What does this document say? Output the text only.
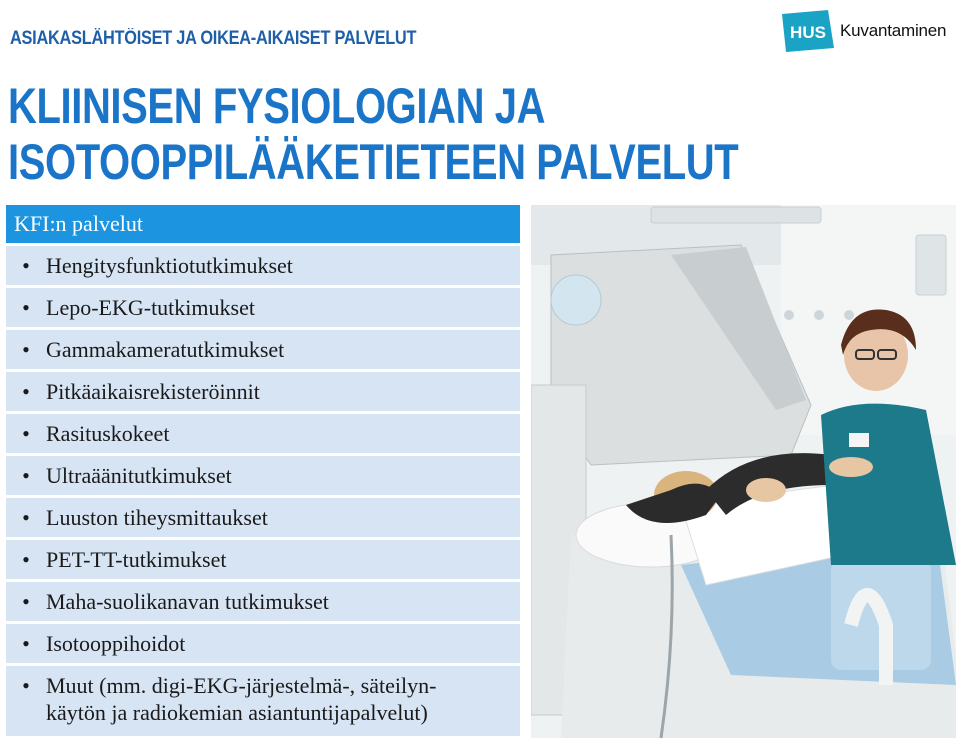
ASIAKASLÄHTÖISET JA OIKEA-AIKAISET PALVELUT	HUS Kuvantaminen
KLIINISEN FYSIOLOGIAN JA
ISOTOOPPILÄÄKETIETEEN PALVELUT
KFI:n palvelut
• Hengitysfunktiotutkimukset
• Lepo-EKG-tutkimukset
• Gammakameratutkimukset
• Pitkäaikaisrekisteröinnit
• Rasituskokeet
• Ultraäänitutkimukset
• Luuston tiheysmittaukset
• PET-TT-tutkimukset
• Maha-suolikanavan tutkimukset
• Isotooppihoidot
• Muut (mm. digi-EKG-järjestelmä-, säteilyn-
käytön ja radiokemian asiantuntijapalvelut)
